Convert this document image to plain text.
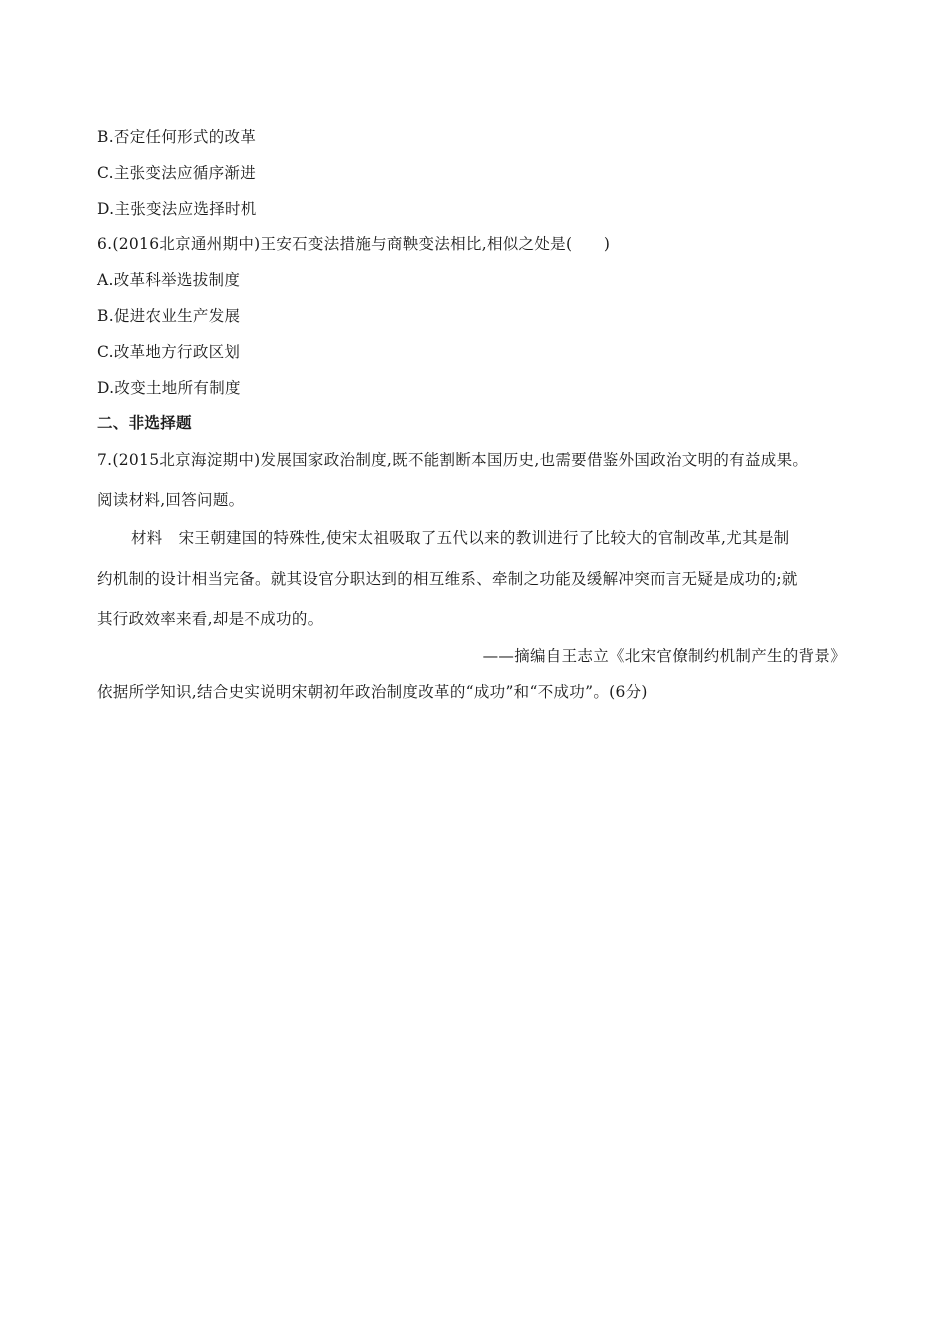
B.否定任何形式的改革
C.主张变法应循序渐进
D.主张变法应选择时机
6.(2016北京通州期中)王安石变法措施与商鞅变法相比,相似之处是(　　)
A.改革科举选拔制度
B.促进农业生产发展
C.改革地方行政区划
D.改变土地所有制度
二、非选择题
7.(2015北京海淀期中)发展国家政治制度,既不能割断本国历史,也需要借鉴外国政治文明的有益成果。
阅读材料,回答问题。
材料 宋王朝建国的特殊性,使宋太祖吸取了五代以来的教训进行了比较大的官制改革,尤其是制
约机制的设计相当完备。就其设官分职达到的相互维系、牵制之功能及缓解冲突而言无疑是成功的;就
其行政效率来看,却是不成功的。
——摘编自王志立《北宋官僚制约机制产生的背景》
依据所学知识,结合史实说明宋朝初年政治制度改革的“成功”和“不成功”。(6分)
